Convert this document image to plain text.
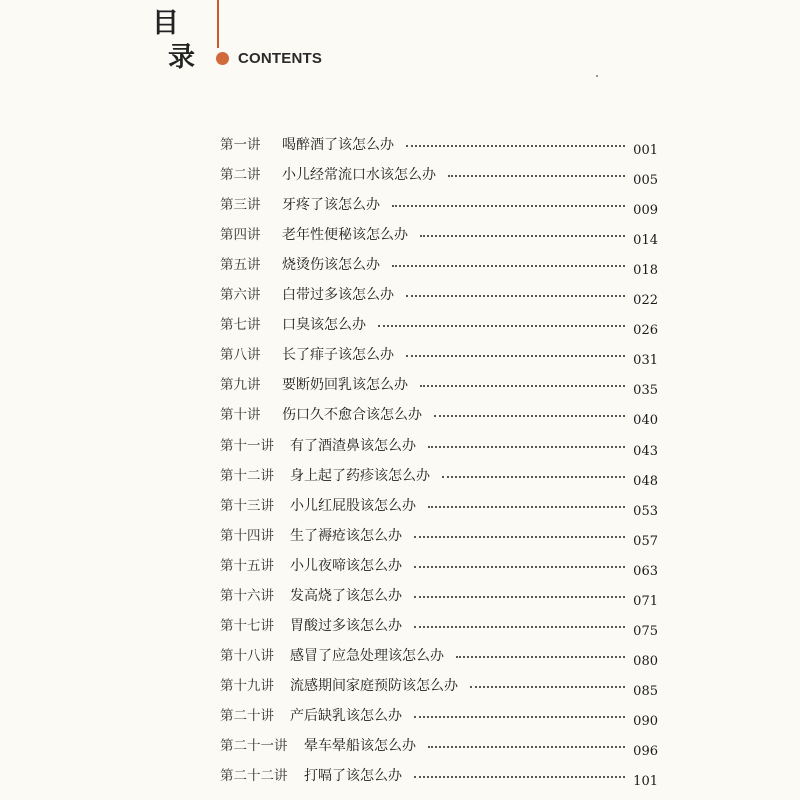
目
录	CONTENTS
第一讲 喝醉酒了该怎么办	001
第二讲 小儿经常流口水该怎么办	005
第三讲 牙疼了该怎么办	009
第四讲 老年性便秘该怎么办	014
第五讲 烧烫伤该怎么办	018
第六讲 白带过多该怎么办	022
第七讲 口臭该怎么办	026
第八讲 长了痱子该怎么办	031
第九讲 要断奶回乳该怎么办	035
第十讲 伤口久不愈合该怎么办	040
第十一讲 有了酒渣鼻该怎么办	043
第十二讲 身上起了药疹该怎么办	048
第十三讲 小儿红屁股该怎么办	053
第十四讲 生了褥疮该怎么办	057
第十五讲 小儿夜啼该怎么办	063
第十六讲 发高烧了该怎么办	071
第十七讲 胃酸过多该怎么办	075
第十八讲 感冒了应急处理该怎么办	080
第十九讲 流感期间家庭预防该怎么办	085
第二十讲 产后缺乳该怎么办	090
第二十一讲 晕车晕船该怎么办	096
第二十二讲 打嗝了该怎么办	101
